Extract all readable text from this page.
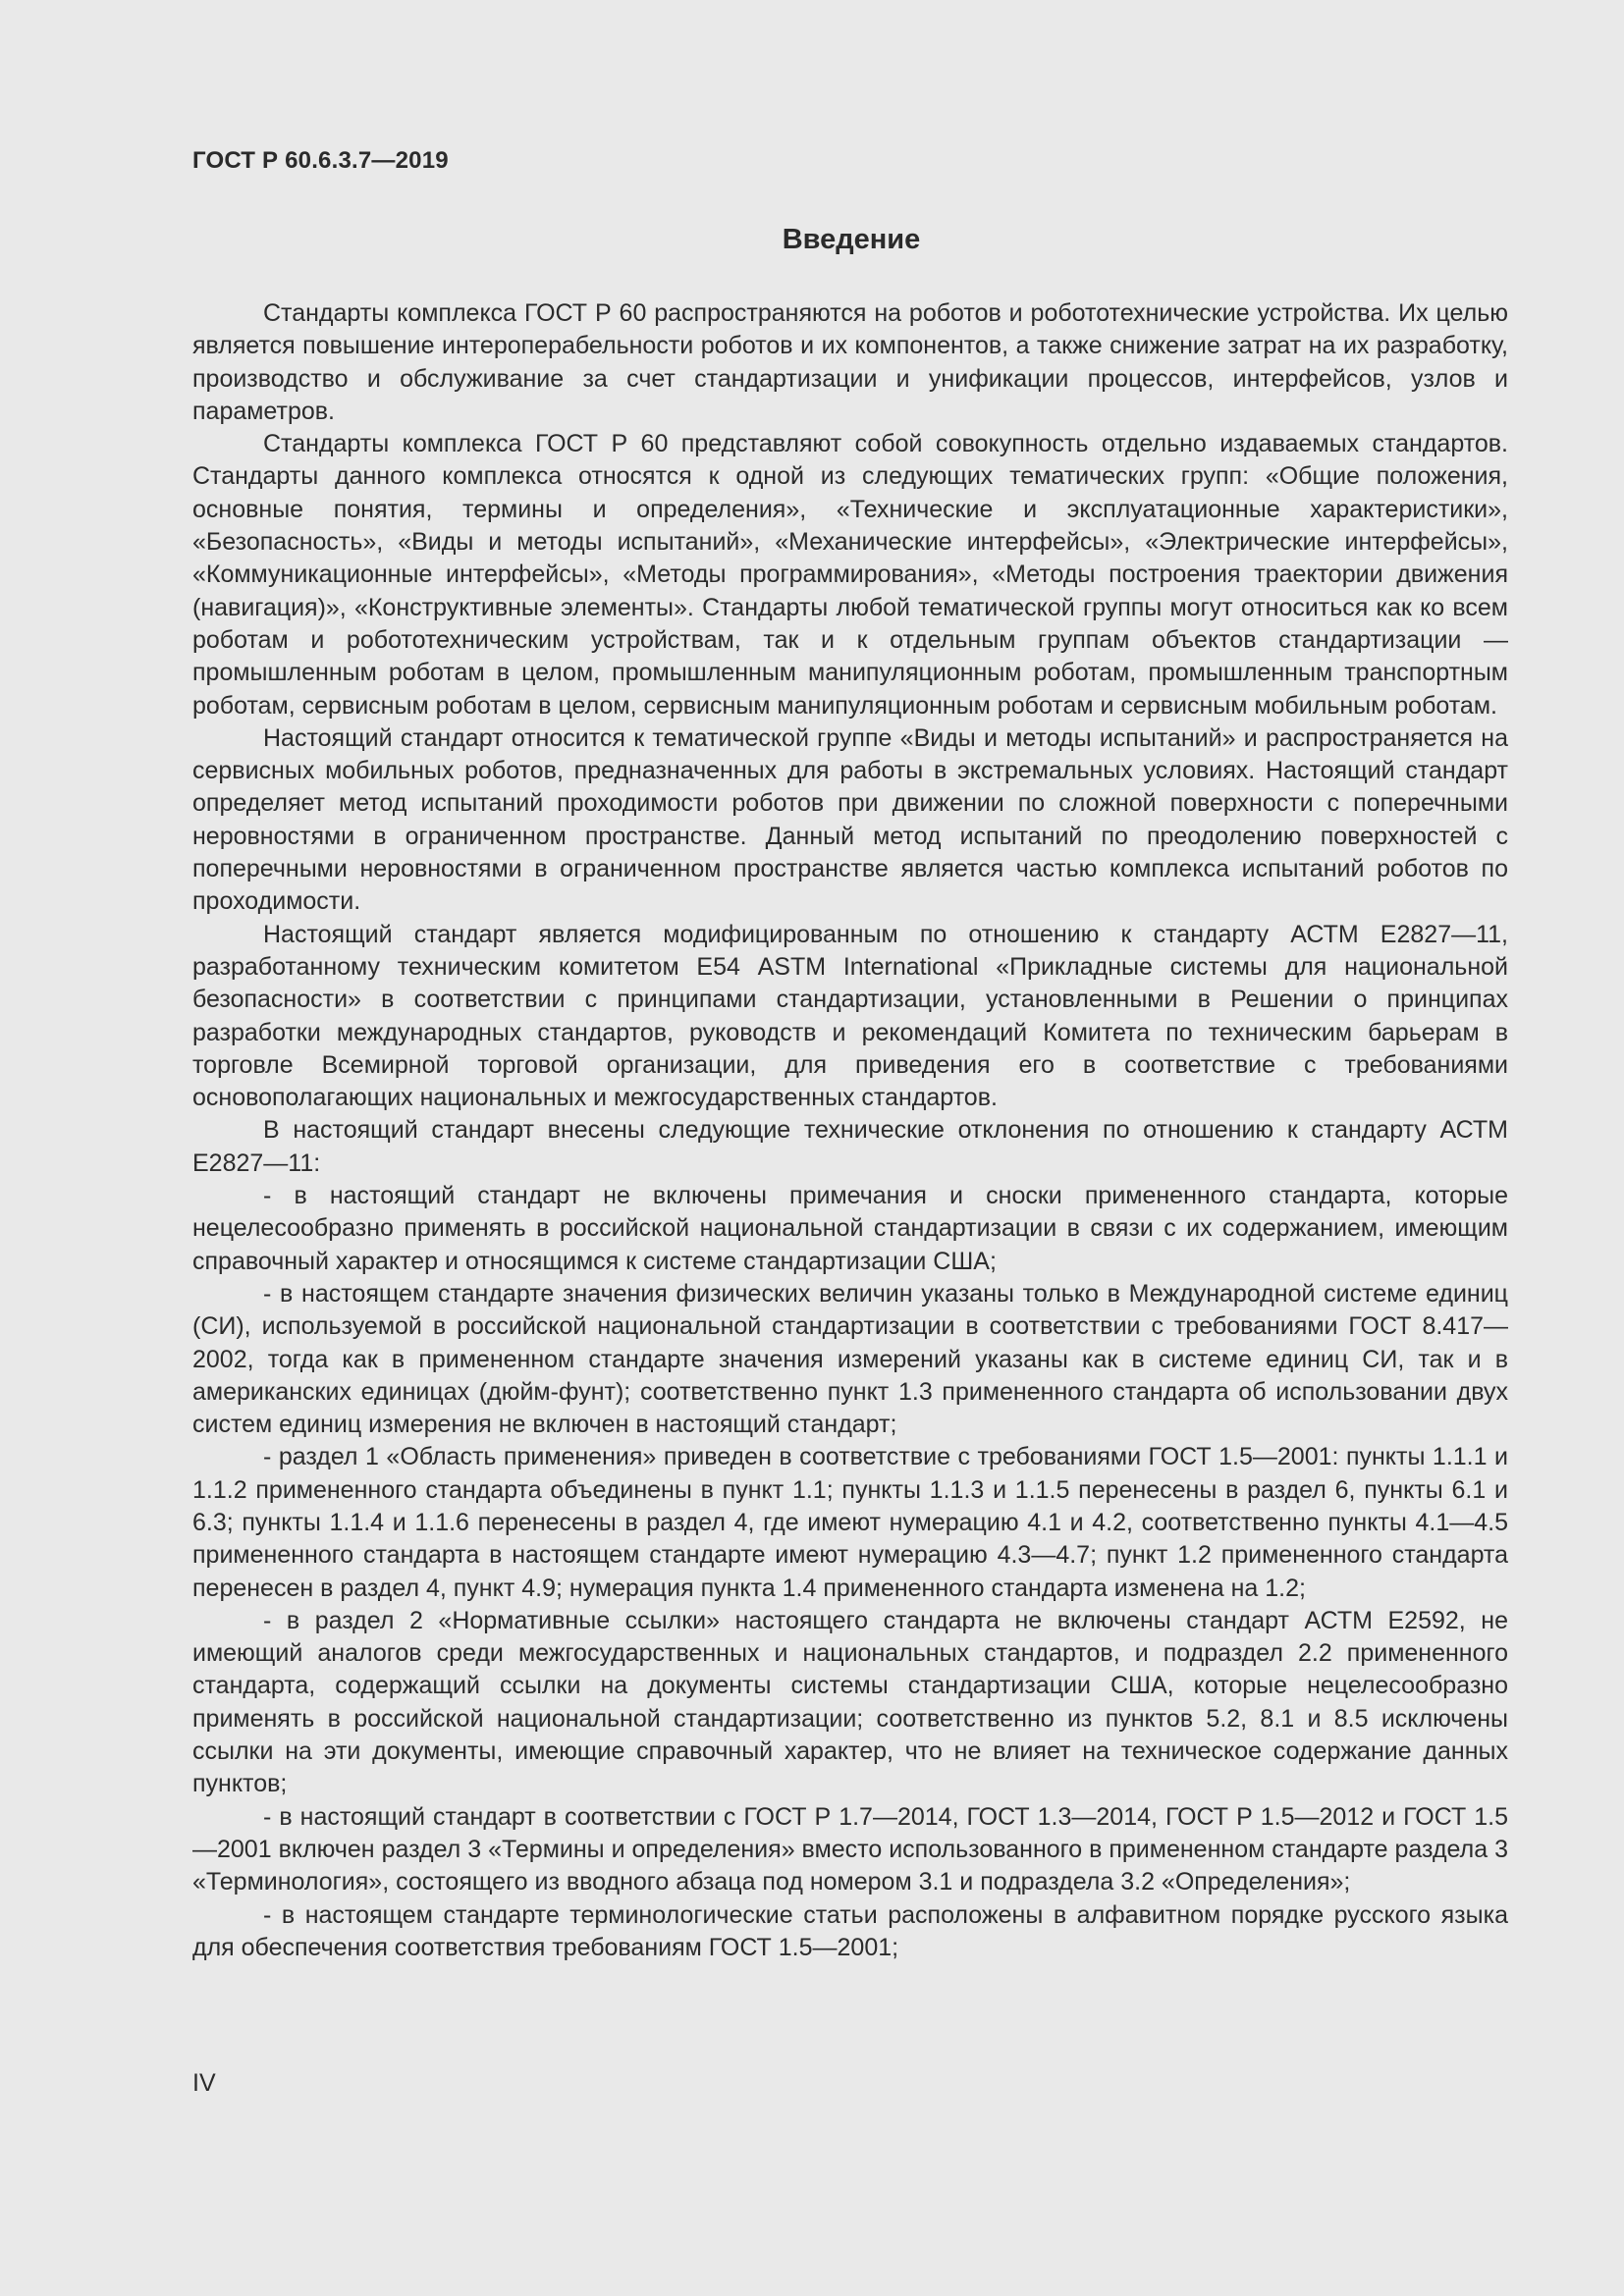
ГОСТ Р 60.6.3.7—2019
Введение

Стандарты комплекса ГОСТ Р 60 распространяются на роботов и робототехнические устройства. Их целью является повышение интероперабельности роботов и их компонентов, а также снижение затрат на их разработку, производство и обслуживание за счет стандартизации и унификации процессов, интерфейсов, узлов и параметров.

Стандарты комплекса ГОСТ Р 60 представляют собой совокупность отдельно издаваемых стандартов. Стандарты данного комплекса относятся к одной из следующих тематических групп: «Общие положения, основные понятия, термины и определения», «Технические и эксплуатационные характеристики», «Безопасность», «Виды и методы испытаний», «Механические интерфейсы», «Электрические интерфейсы», «Коммуникационные интерфейсы», «Методы программирования», «Методы построения траектории движения (навигация)», «Конструктивные элементы». Стандарты любой тематической группы могут относиться как ко всем роботам и робототехническим устройствам, так и к отдельным группам объектов стандартизации — промышленным роботам в целом, промышленным манипуляционным роботам, промышленным транспортным роботам, сервисным роботам в целом, сервисным манипуляционным роботам и сервисным мобильным роботам.

Настоящий стандарт относится к тематической группе «Виды и методы испытаний» и распространяется на сервисных мобильных роботов, предназначенных для работы в экстремальных условиях. Настоящий стандарт определяет метод испытаний проходимости роботов при движении по сложной поверхности с поперечными неровностями в ограниченном пространстве. Данный метод испытаний по преодолению поверхностей с поперечными неровностями в ограниченном пространстве является частью комплекса испытаний роботов по проходимости.

Настоящий стандарт является модифицированным по отношению к стандарту АСТМ Е2827—11, разработанному техническим комитетом Е54 ASTM International «Прикладные системы для национальной безопасности» в соответствии с принципами стандартизации, установленными в Решении о принципах разработки международных стандартов, руководств и рекомендаций Комитета по техническим барьерам в торговле Всемирной торговой организации, для приведения его в соответствие с требованиями основополагающих национальных и межгосударственных стандартов.

В настоящий стандарт внесены следующие технические отклонения по отношению к стандарту АСТМ Е2827—11:

- в настоящий стандарт не включены примечания и сноски примененного стандарта, которые нецелесообразно применять в российской национальной стандартизации в связи с их содержанием, имеющим справочный характер и относящимся к системе стандартизации США;

- в настоящем стандарте значения физических величин указаны только в Международной системе единиц (СИ), используемой в российской национальной стандартизации в соответствии с требованиями ГОСТ 8.417—2002, тогда как в примененном стандарте значения измерений указаны как в системе единиц СИ, так и в американских единицах (дюйм-фунт); соответственно пункт 1.3 примененного стандарта об использовании двух систем единиц измерения не включен в настоящий стандарт;

- раздел 1 «Область применения» приведен в соответствие с требованиями ГОСТ 1.5—2001: пункты 1.1.1 и 1.1.2 примененного стандарта объединены в пункт 1.1; пункты 1.1.3 и 1.1.5 перенесены в раздел 6, пункты 6.1 и 6.3; пункты 1.1.4 и 1.1.6 перенесены в раздел 4, где имеют нумерацию 4.1 и 4.2, соответственно пункты 4.1—4.5 примененного стандарта в настоящем стандарте имеют нумерацию 4.3—4.7; пункт 1.2 примененного стандарта перенесен в раздел 4, пункт 4.9; нумерация пункта 1.4 примененного стандарта изменена на 1.2;

- в раздел 2 «Нормативные ссылки» настоящего стандарта не включены стандарт АСТМ Е2592, не имеющий аналогов среди межгосударственных и национальных стандартов, и подраздел 2.2 примененного стандарта, содержащий ссылки на документы системы стандартизации США, которые нецелесообразно применять в российской национальной стандартизации; соответственно из пунктов 5.2, 8.1 и 8.5 исключены ссылки на эти документы, имеющие справочный характер, что не влияет на техническое содержание данных пунктов;

- в настоящий стандарт в соответствии с ГОСТ Р 1.7—2014, ГОСТ 1.3—2014, ГОСТ Р 1.5—2012 и ГОСТ 1.5—2001 включен раздел 3 «Термины и определения» вместо использованного в примененном стандарте раздела 3 «Терминология», состоящего из вводного абзаца под номером 3.1 и подраздела 3.2 «Определения»;

- в настоящем стандарте терминологические статьи расположены в алфавитном порядке русского языка для обеспечения соответствия требованиям ГОСТ 1.5—2001;

IV
